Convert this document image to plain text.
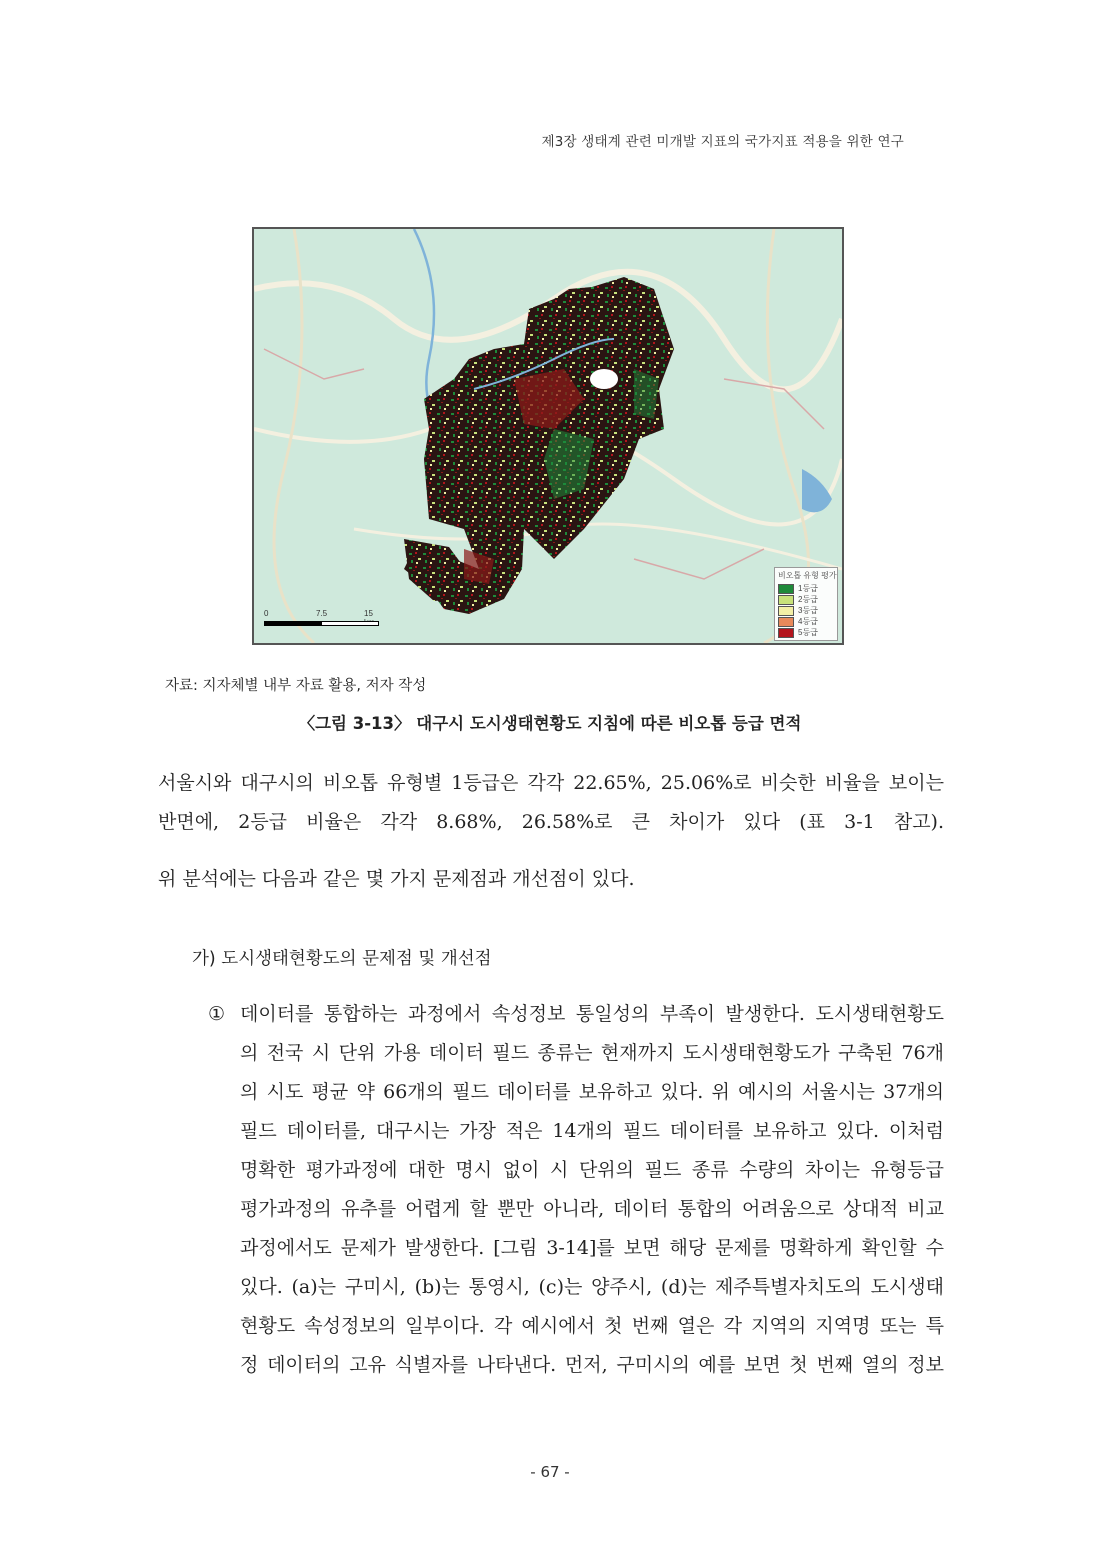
제3장 생태계 관련 미개발 지표의 국가지표 적용을 위한 연구
0	7.5	15
비오톱 유형 평가
1등급
2등급
3등급
4등급
5등급
자료: 지자체별 내부 자료 활용, 저자 작성
〈그림 3-13〉 대구시 도시생태현황도 지침에 따른 비오톱 등급 면적
서울시와 대구시의 비오톱 유형별 1등급은 각각 22.65%, 25.06%로 비슷한 비율을 보이는
반면에, 2등급 비율은 각각 8.68%, 26.58%로 큰 차이가 있다 (표 3-1 참고).
위 분석에는 다음과 같은 몇 가지 문제점과 개선점이 있다.
가) 도시생태현황도의 문제점 및 개선점
① 데이터를 통합하는 과정에서 속성정보 통일성의 부족이 발생한다. 도시생태현황도
의 전국 시 단위 가용 데이터 필드 종류는 현재까지 도시생태현황도가 구축된 76개
의 시도 평균 약 66개의 필드 데이터를 보유하고 있다. 위 예시의 서울시는 37개의
필드 데이터를, 대구시는 가장 적은 14개의 필드 데이터를 보유하고 있다. 이처럼
명확한 평가과정에 대한 명시 없이 시 단위의 필드 종류 수량의 차이는 유형등급
평가과정의 유추를 어렵게 할 뿐만 아니라, 데이터 통합의 어려움으로 상대적 비교
과정에서도 문제가 발생한다. [그림 3-14]를 보면 해당 문제를 명확하게 확인할 수
있다. (a)는 구미시, (b)는 통영시, (c)는 양주시, (d)는 제주특별자치도의 도시생태
현황도 속성정보의 일부이다. 각 예시에서 첫 번째 열은 각 지역의 지역명 또는 특
정 데이터의 고유 식별자를 나타낸다. 먼저, 구미시의 예를 보면 첫 번째 열의 정보
- 67 -
